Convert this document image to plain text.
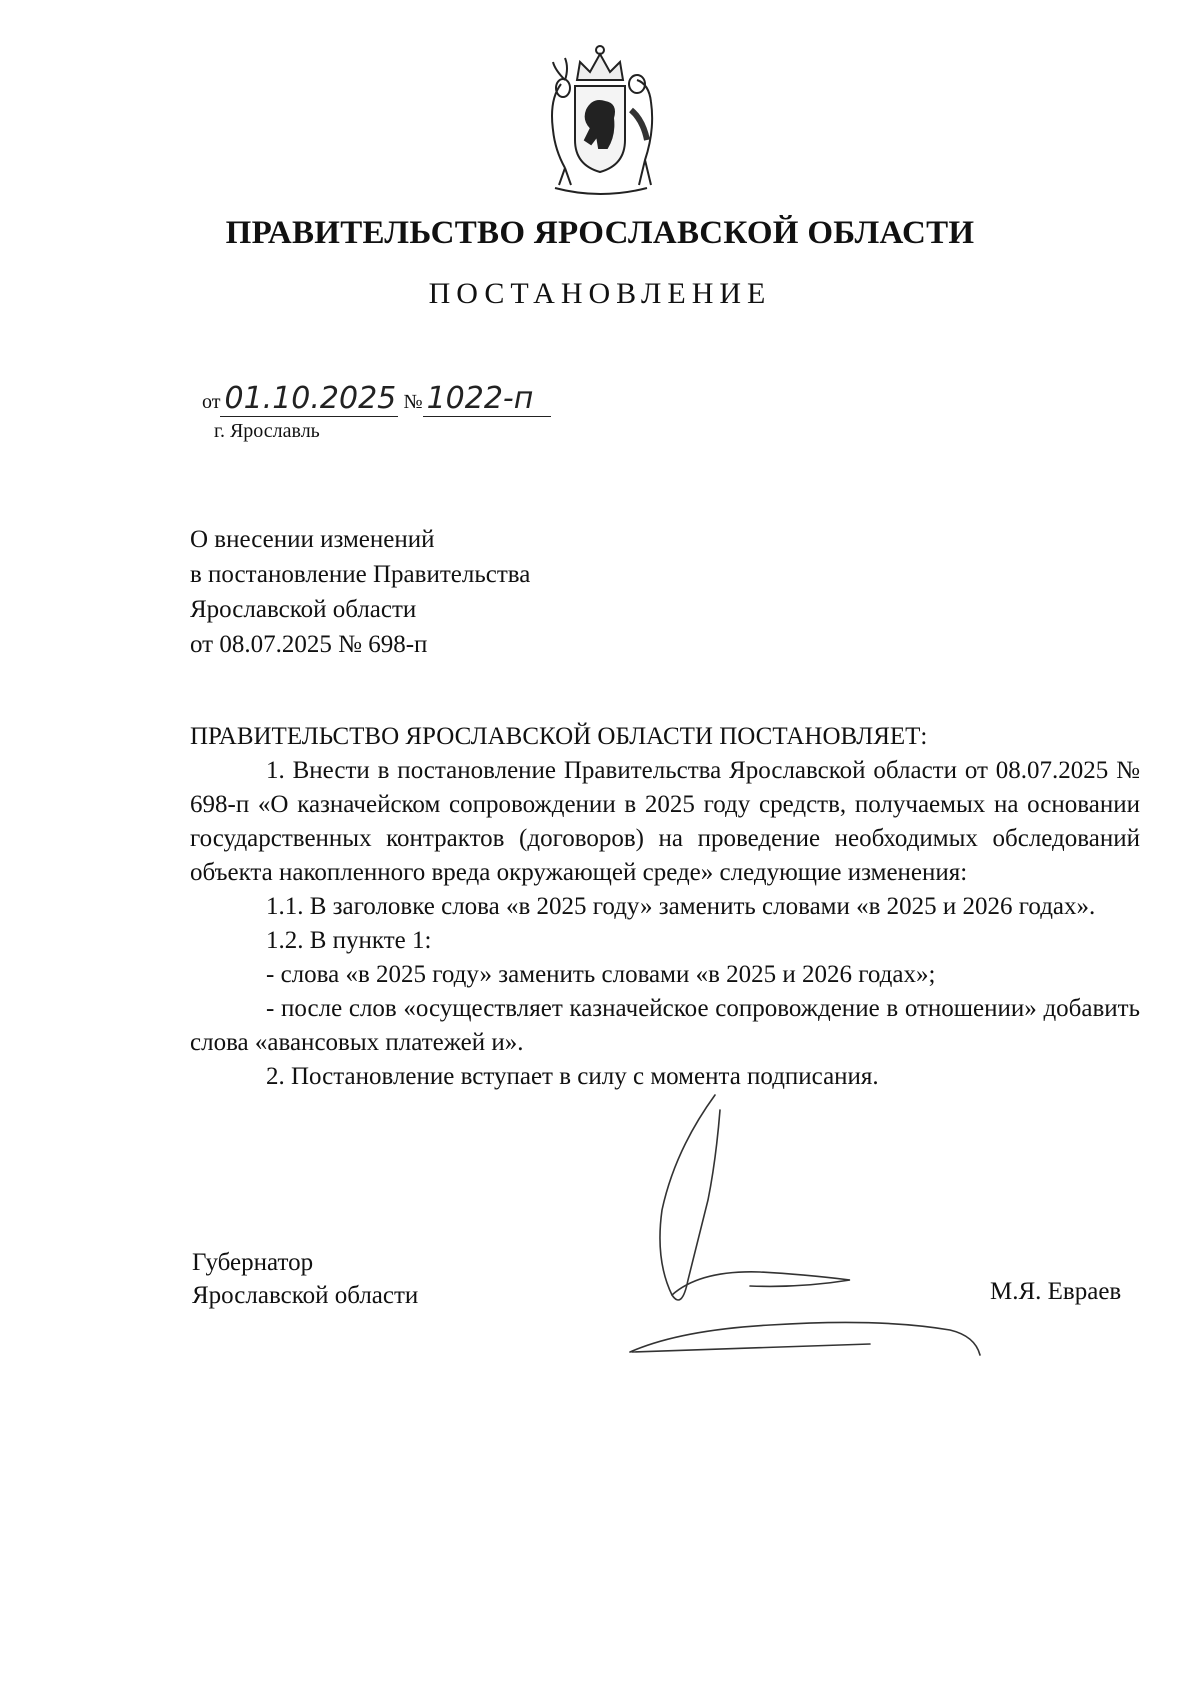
ПРАВИТЕЛЬСТВО ЯРОСЛАВСКОЙ ОБЛАСТИ
ПОСТАНОВЛЕНИЕ
от 01.10.2025 № 1022-п
г. Ярославль
О внесении изменений
в постановление Правительства
Ярославской области
от 08.07.2025 № 698-п
ПРАВИТЕЛЬСТВО ЯРОСЛАВСКОЙ ОБЛАСТИ ПОСТАНОВЛЯЕТ:
1. Внести в постановление Правительства Ярославской области от 08.07.2025 № 698-п «О казначейском сопровождении в 2025 году средств, получаемых на основании государственных контрактов (договоров) на проведение необходимых обследований объекта накопленного вреда окружающей среде» следующие изменения:
1.1. В заголовке слова «в 2025 году» заменить словами «в 2025 и 2026 годах».
1.2. В пункте 1:
- слова «в 2025 году» заменить словами «в 2025 и 2026 годах»;
- после слов «осуществляет казначейское сопровождение в отношении» добавить слова «авансовых платежей и».
2. Постановление вступает в силу с момента подписания.
Губернатор
Ярославской области	М.Я. Евраев
